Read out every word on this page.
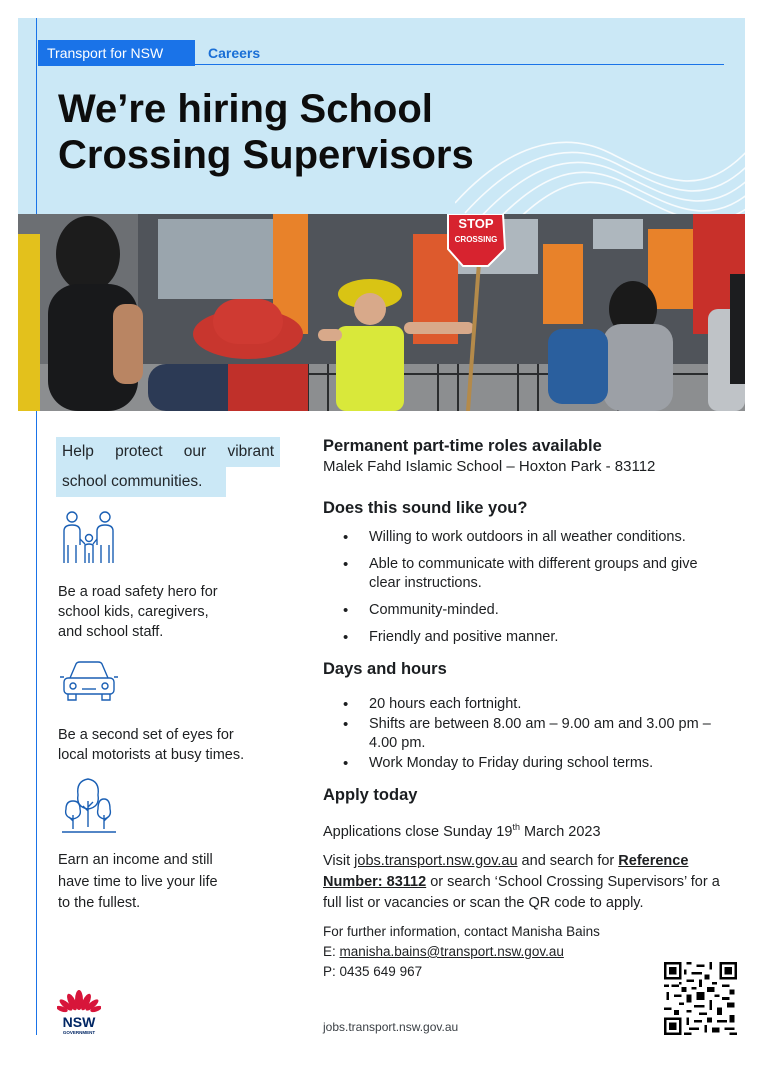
Transport for NSW	Careers
We’re hiring School
Crossing Supervisors
STOP
CROSSING
Help protect our vibrant
school communities.
Be a road safety hero for
school kids, caregivers,
and school staff.
Be a second set of eyes for
local motorists at busy times.
Earn an income and still
have time to live your life
to the fullest.
Permanent part-time roles available
Malek Fahd Islamic School – Hoxton Park - 83112
Does this sound like you?
• Willing to work outdoors in all weather conditions.
• Able to communicate with different groups and give clear instructions.
• Community-minded.
• Friendly and positive manner.
Days and hours
• 20 hours each fortnight.
• Shifts are between 8.00 am – 9.00 am and 3.00 pm – 4.00 pm.
• Work Monday to Friday during school terms.
Apply today
Applications close Sunday 19th March 2023
Visit jobs.transport.nsw.gov.au and search for Reference Number: 83112 or search ‘School Crossing Supervisors’ for a full list or vacancies or scan the QR code to apply.
For further information, contact Manisha Bains
E: manisha.bains@transport.nsw.gov.au
P: 0435 649 967
jobs.transport.nsw.gov.au
NSW
GOVERNMENT
